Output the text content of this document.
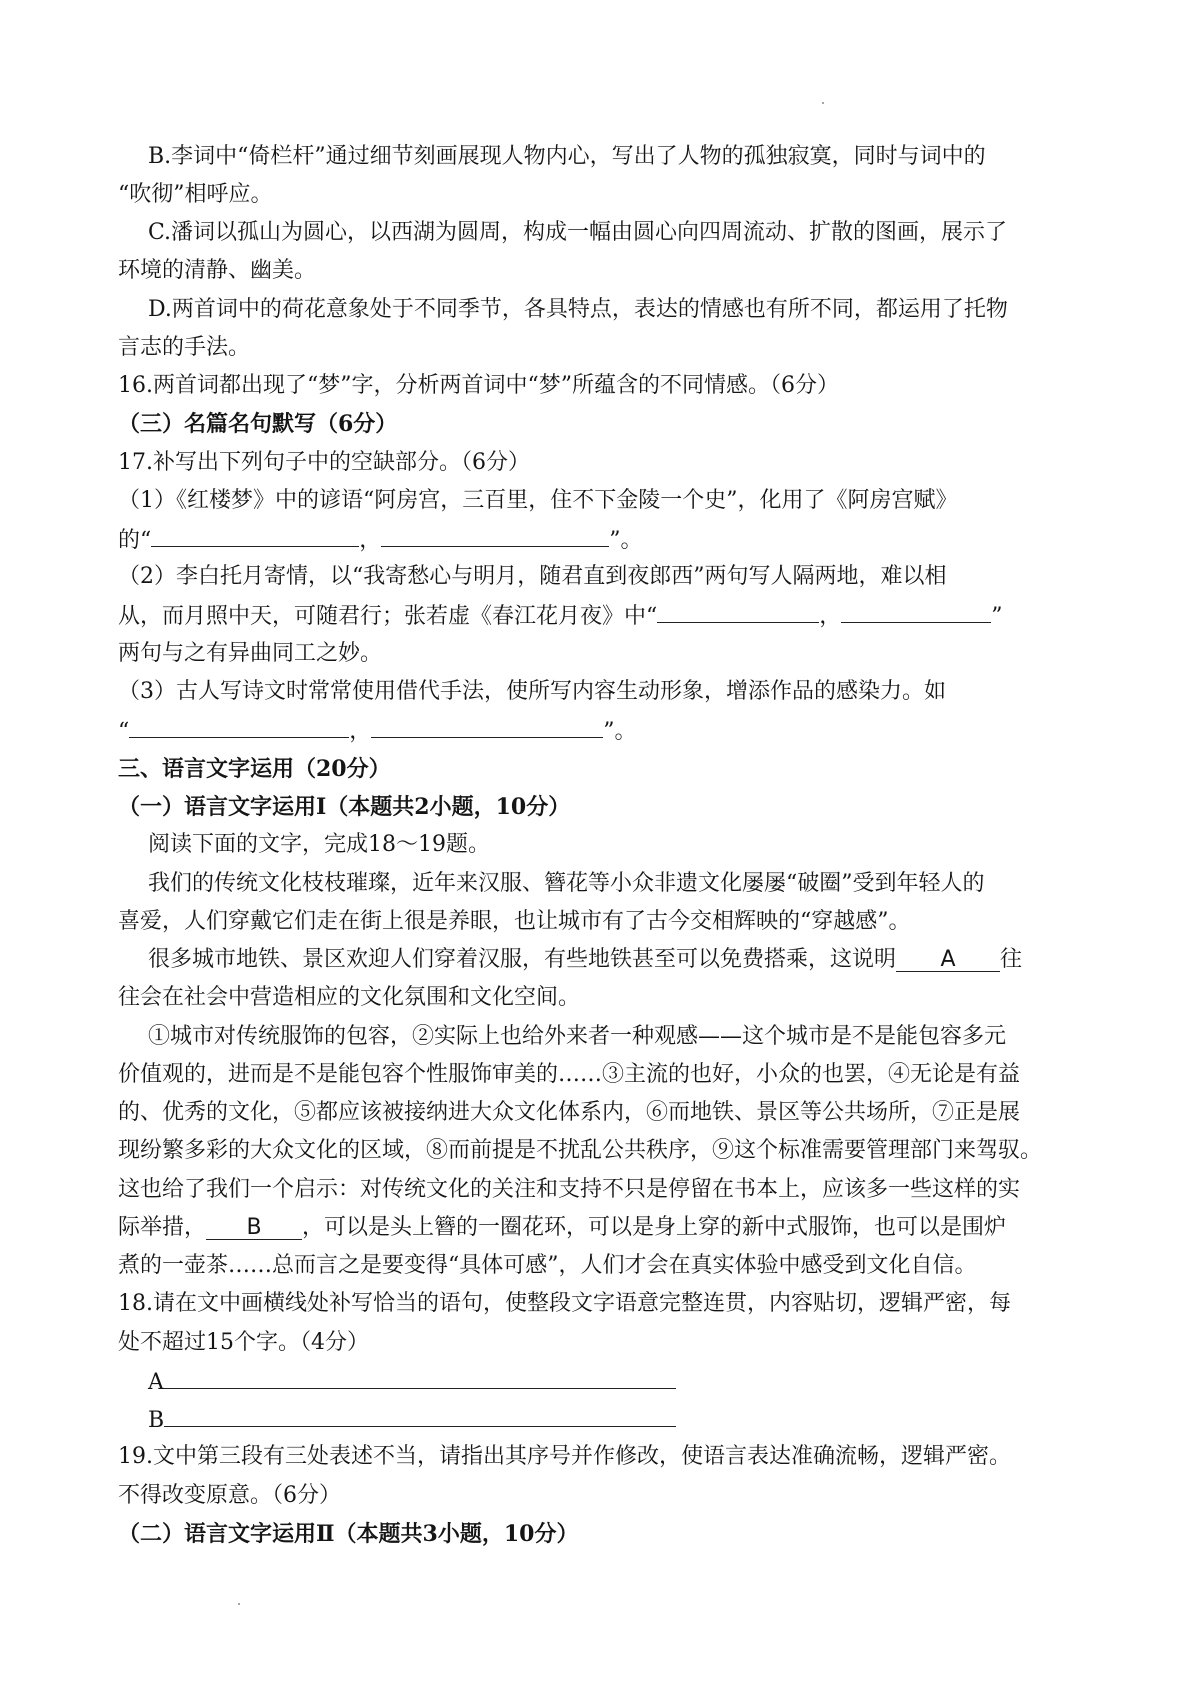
B.李词中“倚栏杆”通过细节刻画展现人物内心，写出了人物的孤独寂寞，同时与词中的
“吹彻”相呼应。
C.潘词以孤山为圆心，以西湖为圆周，构成一幅由圆心向四周流动、扩散的图画，展示了
环境的清静、幽美。
D.两首词中的荷花意象处于不同季节，各具特点，表达的情感也有所不同，都运用了托物
言志的手法。
16.两首词都出现了“梦”字，分析两首词中“梦”所蕴含的不同情感。（6分）
（三）名篇名句默写（6分）
17.补写出下列句子中的空缺部分。（6分）
（1）《红楼梦》中的谚语“阿房宫，三百里，住不下金陵一个史”，化用了《阿房宫赋》
的“	，	”。
（2）李白托月寄情，以“我寄愁心与明月，随君直到夜郎西”两句写人隔两地，难以相
从，而月照中天，可随君行；张若虚《春江花月夜》中“	，	”
两句与之有异曲同工之妙。
（3）古人写诗文时常常使用借代手法，使所写内容生动形象，增添作品的感染力。如
“	，	”。
三、语言文字运用（20分）
（一）语言文字运用Ⅰ（本题共2小题，10分）
阅读下面的文字，完成18～19题。
我们的传统文化枝枝璀璨，近年来汉服、簪花等小众非遗文化屡屡“破圈”受到年轻人的
喜爱，人们穿戴它们走在街上很是养眼，也让城市有了古今交相辉映的“穿越感”。
很多城市地铁、景区欢迎人们穿着汉服，有些地铁甚至可以免费搭乘，这说明 A 往
往会在社会中营造相应的文化氛围和文化空间。
①城市对传统服饰的包容，②实际上也给外来者一种观感——这个城市是不是能包容多元
价值观的，进而是不是能包容个性服饰审美的……③主流的也好，小众的也罢，④无论是有益
的、优秀的文化，⑤都应该被接纳进大众文化体系内，⑥而地铁、景区等公共场所，⑦正是展
现纷繁多彩的大众文化的区域，⑧而前提是不扰乱公共秩序，⑨这个标准需要管理部门来驾驭。
这也给了我们一个启示：对传统文化的关注和支持不只是停留在书本上，应该多一些这样的实
际举措， B ，可以是头上簪的一圈花环，可以是身上穿的新中式服饰，也可以是围炉
煮的一壶茶……总而言之是要变得“具体可感”，人们才会在真实体验中感受到文化自信。
18.请在文中画横线处补写恰当的语句，使整段文字语意完整连贯，内容贴切，逻辑严密，每
处不超过15个字。（4分）
A
B
19.文中第三段有三处表述不当，请指出其序号并作修改，使语言表达准确流畅，逻辑严密。
不得改变原意。（6分）
（二）语言文字运用Ⅱ（本题共3小题，10分）
